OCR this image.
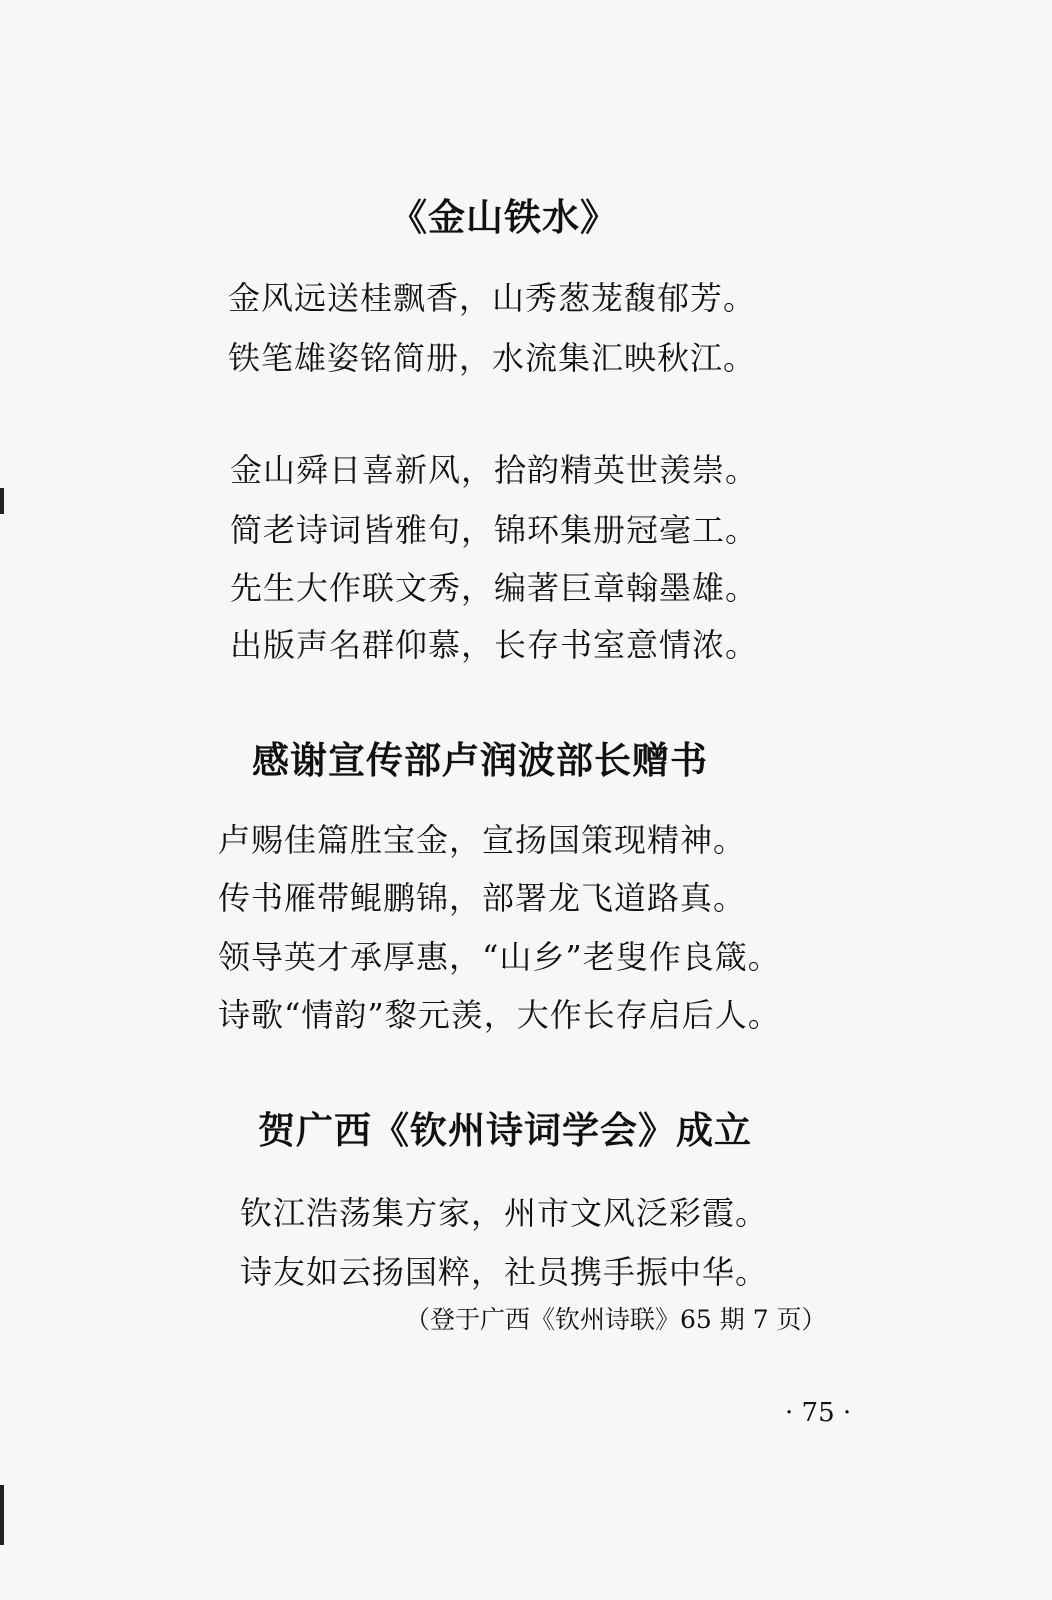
《金山铁水》

金风远送桂飘香，山秀葱茏馥郁芳。

铁笔雄姿铭简册，水流集汇映秋江。

金山舜日喜新风，拾韵精英世羡崇。

简老诗词皆雅句，锦环集册冠毫工。

先生大作联文秀，编著巨章翰墨雄。

出版声名群仰慕，长存书室意情浓。

感谢宣传部卢润波部长赠书

卢赐佳篇胜宝金，宣扬国策现精神。

传书雁带鲲鹏锦，部署龙飞道路真。

领导英才承厚惠，“山乡”老叟作良箴。

诗歌“情韵”黎元羡，大作长存启后人。

贺广西《钦州诗词学会》成立

钦江浩荡集方家，州市文风泛彩霞。

诗友如云扬国粹，社员携手振中华。

（登于广西《钦州诗联》65 期 7 页）

· 75 ·
